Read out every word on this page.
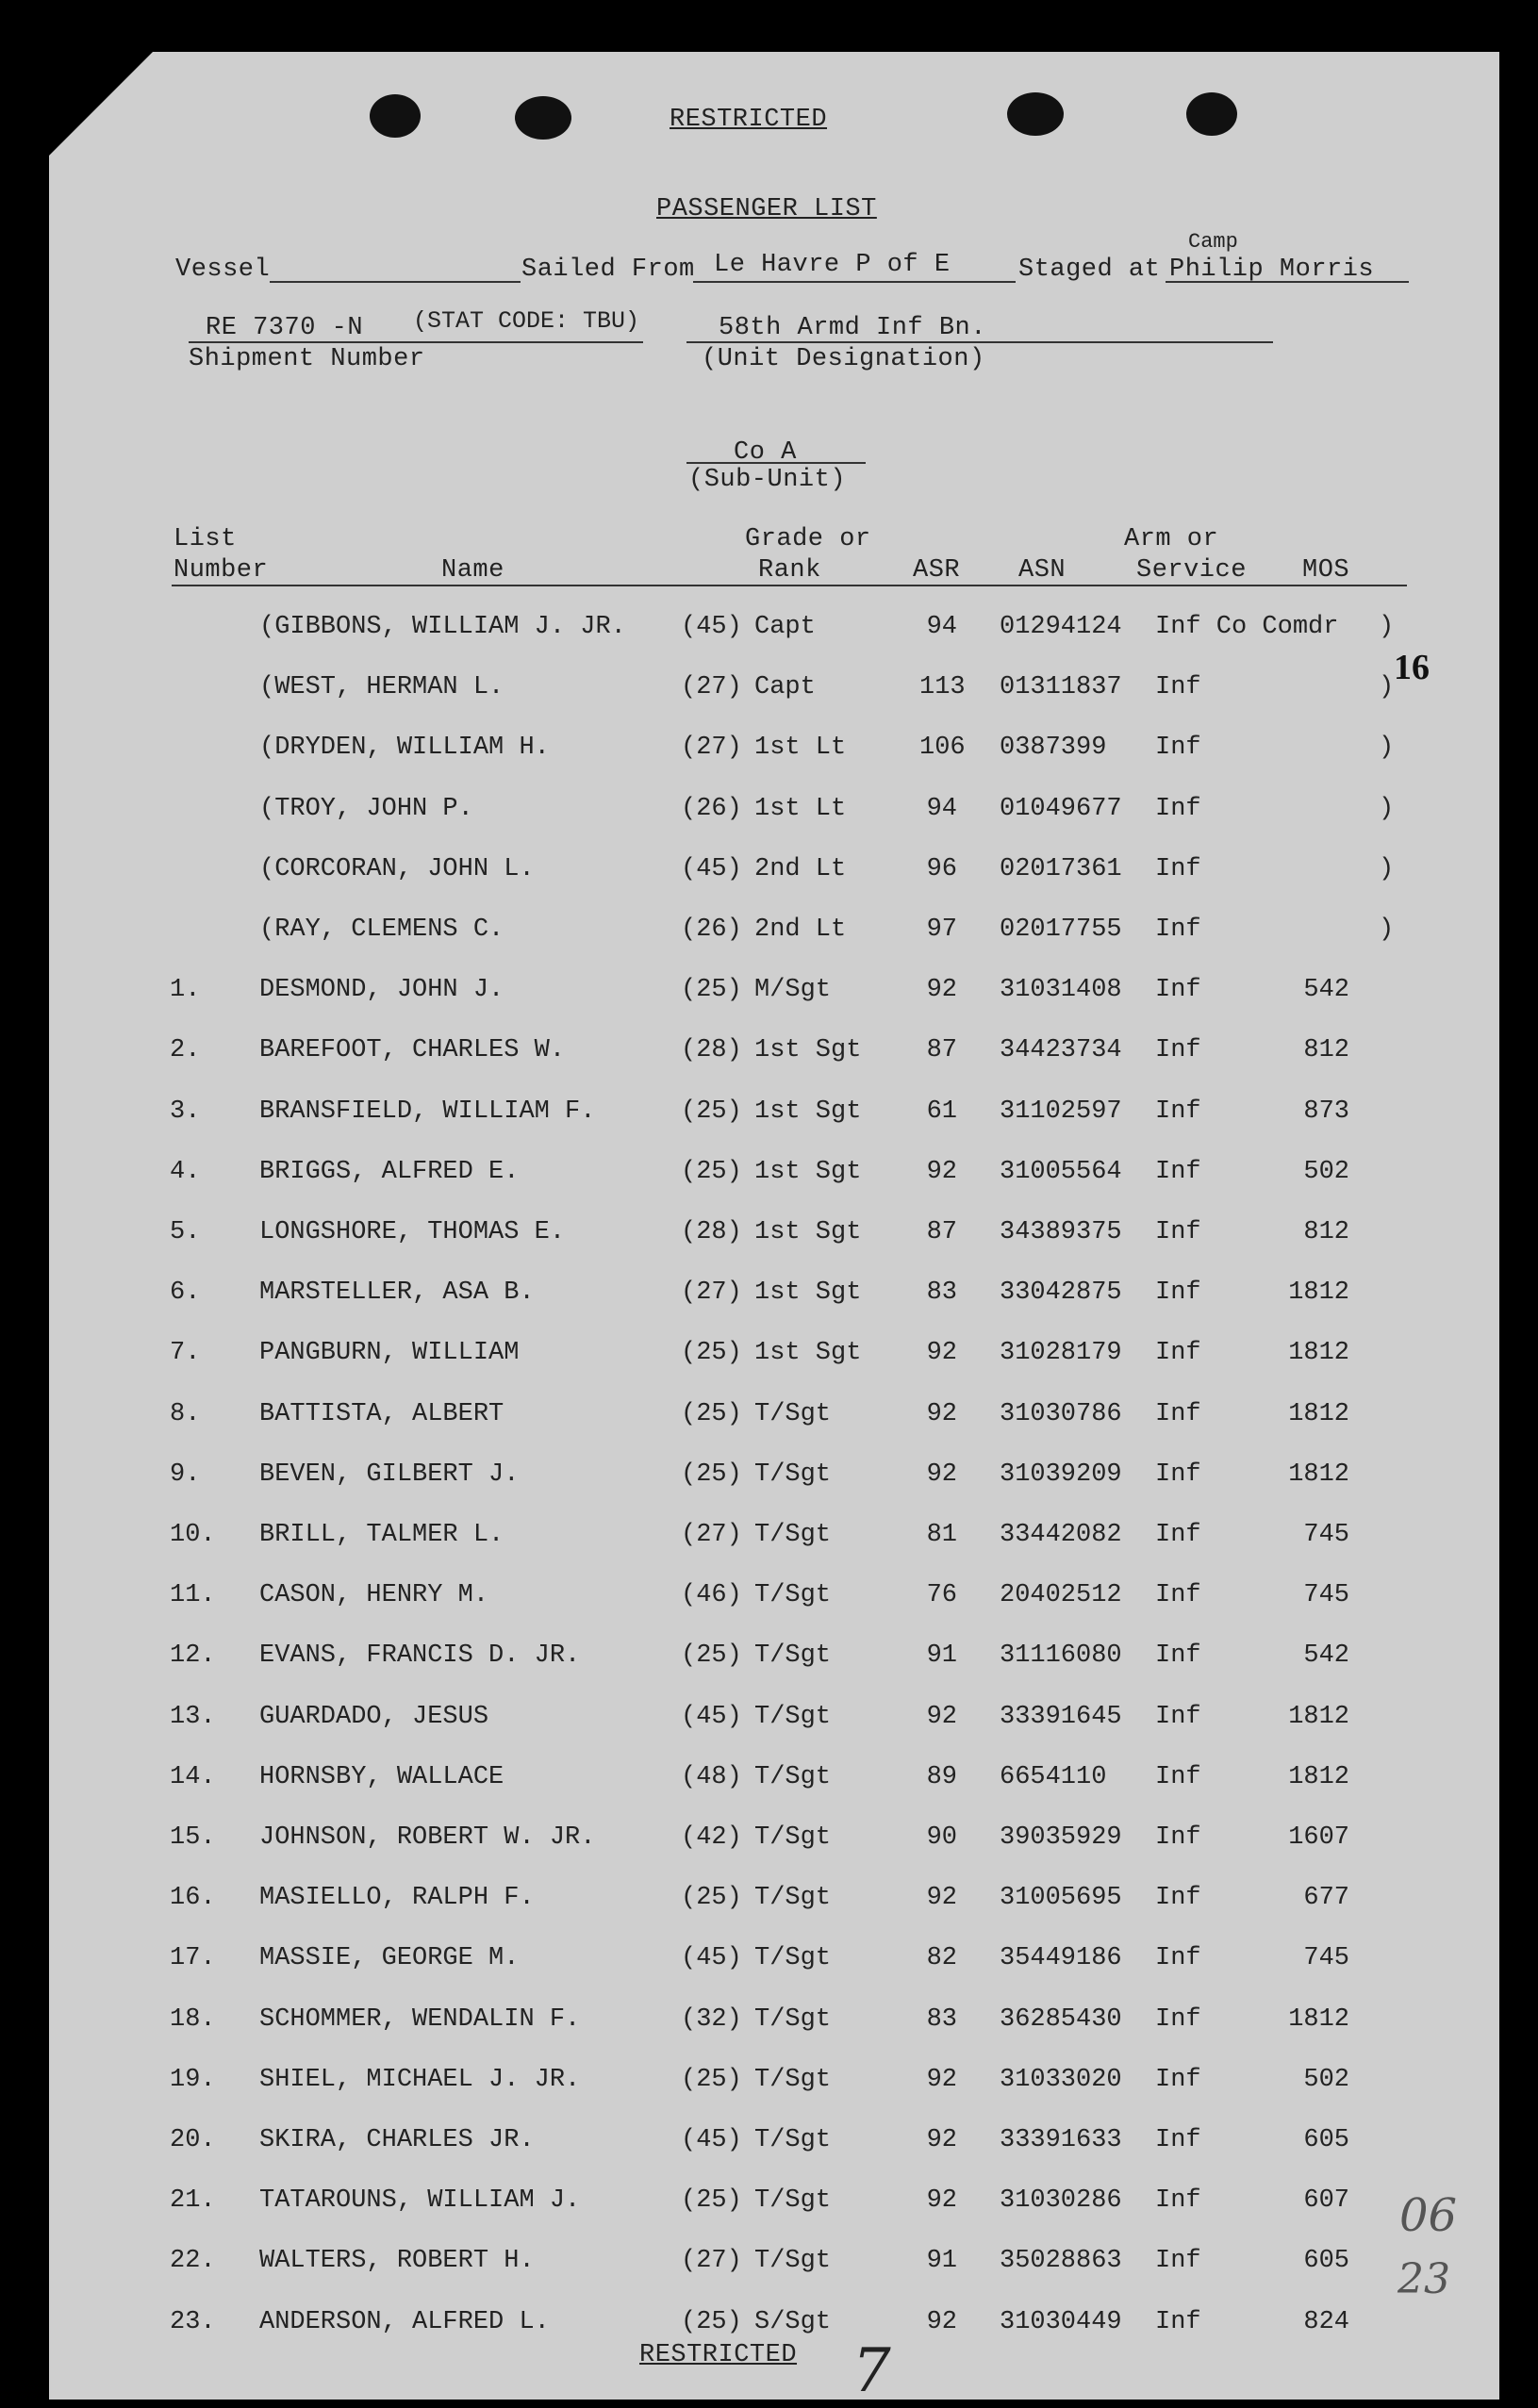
RESTRICTED
PASSENGER LIST
Vessel	Sailed From Le Havre P of E	Staged at
Camp
Philip Morris
RE 7370 -N (STAT CODE: TBU)
Shipment Number
58th Armd Inf Bn.
(Unit Designation)
Co A
(Sub-Unit)
List
Number	Name
Grade or
Rank	ASR ASN
Arm or
Service MOS
(GIBBONS, WILLIAM J. JR. (45) Capt	94 01294124 Inf Co Comdr )
(WEST, HERMAN L.	(27) Capt	113 01311837 Inf	)
(DRYDEN, WILLIAM H.	(27) 1st Lt	106 0387399 Inf	)
(TROY, JOHN P.	(26) 1st Lt	94 01049677 Inf	)
(CORCORAN, JOHN L.	(45) 2nd Lt	96 02017361 Inf	)
(RAY, CLEMENS C.	(26) 2nd Lt	97 02017755 Inf	)
1. DESMOND, JOHN J.	(25) M/Sgt	92 31031408 Inf	542
2. BAREFOOT, CHARLES W.	(28) 1st Sgt	87 34423734 Inf	812
3. BRANSFIELD, WILLIAM F.	(25) 1st Sgt	61 31102597 Inf	873
4. BRIGGS, ALFRED E.	(25) 1st Sgt	92 31005564 Inf	502
5. LONGSHORE, THOMAS E.	(28) 1st Sgt	87 34389375 Inf	812
6. MARSTELLER, ASA B.	(27) 1st Sgt	83 33042875 Inf	1812
7. PANGBURN, WILLIAM	(25) 1st Sgt	92 31028179 Inf	1812
8. BATTISTA, ALBERT	(25) T/Sgt	92 31030786 Inf	1812
9. BEVEN, GILBERT J.	(25) T/Sgt	92 31039209 Inf	1812
10. BRILL, TALMER L.	(27) T/Sgt	81 33442082 Inf	745
11. CASON, HENRY M.	(46) T/Sgt	76 20402512 Inf	745
12. EVANS, FRANCIS D. JR.	(25) T/Sgt	91 31116080 Inf	542
13. GUARDADO, JESUS	(45) T/Sgt	92 33391645 Inf	1812
14. HORNSBY, WALLACE	(48) T/Sgt	89 6654110 Inf	1812
15. JOHNSON, ROBERT W. JR.	(42) T/Sgt	90 39035929 Inf	1607
16. MASIELLO, RALPH F.	(25) T/Sgt	92 31005695 Inf	677
17. MASSIE, GEORGE M.	(45) T/Sgt	82 35449186 Inf	745
18. SCHOMMER, WENDALIN F.	(32) T/Sgt	83 36285430 Inf	1812
19. SHIEL, MICHAEL J. JR.	(25) T/Sgt	92 31033020 Inf	502
20. SKIRA, CHARLES JR.	(45) T/Sgt	92 33391633 Inf	605
21. TATAROUNS, WILLIAM J.	(25) T/Sgt	92 31030286 Inf	607
22. WALTERS, ROBERT H.	(27) T/Sgt	91 35028863 Inf	605
23. ANDERSON, ALFRED L.	(25) S/Sgt	92 31030449 Inf	824
16
06
23
7
RESTRICTED
